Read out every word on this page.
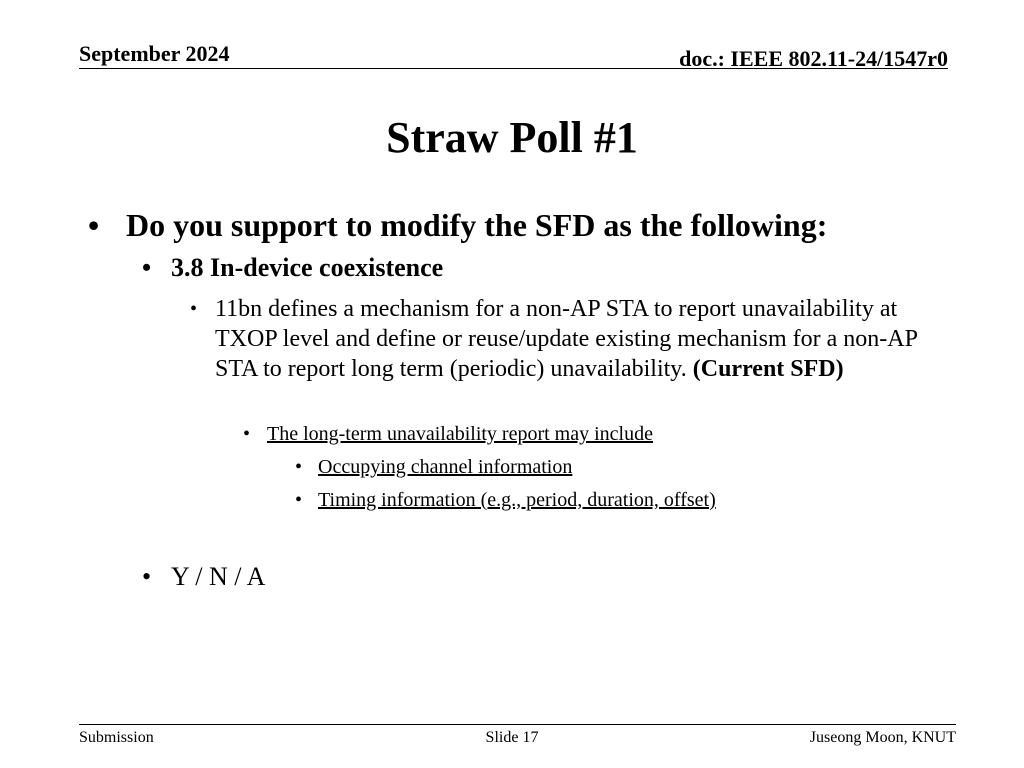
September 2024	doc.: IEEE 802.11-24/1547r0
Straw Poll #1
• Do you support to modify the SFD as the following:
• 3.8 In-device coexistence
• 11bn defines a mechanism for a non-AP STA to report unavailability at TXOP level and define or reuse/update existing mechanism for a non-AP STA to report long term (periodic) unavailability. (Current SFD)
• The long-term unavailability report may include
• Occupying channel information
• Timing information (e.g., period, duration, offset)
• Y / N / A
Submission	Slide 17	Juseong Moon, KNUT
